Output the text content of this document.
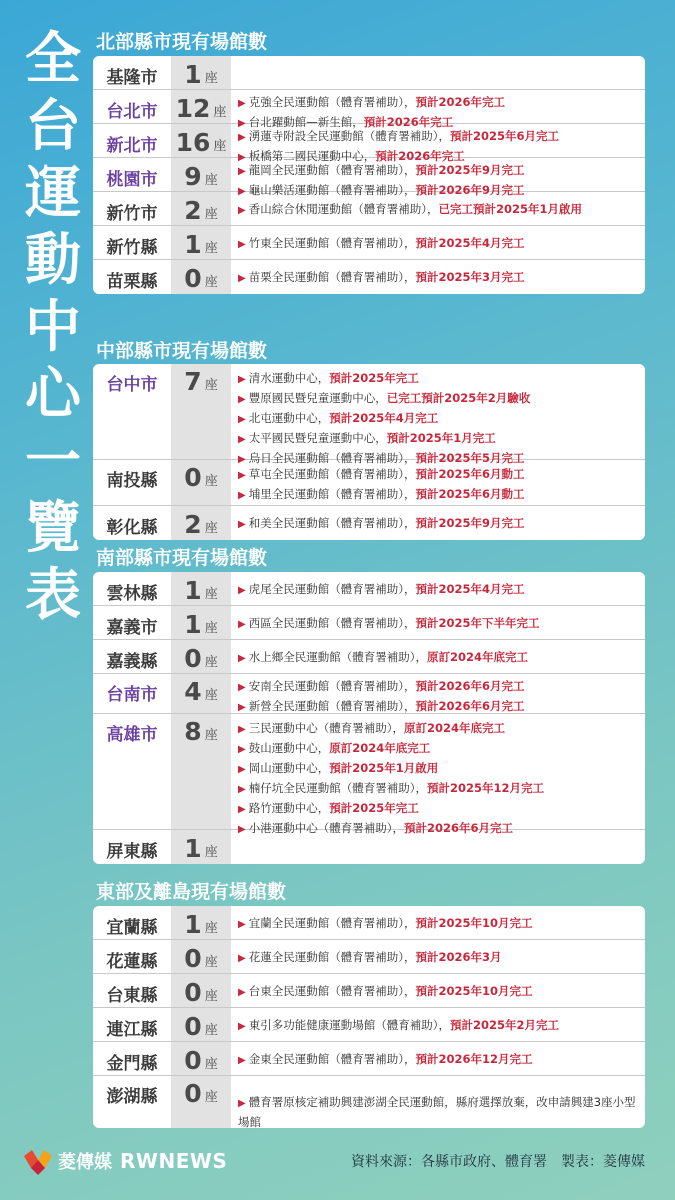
全
台
運
動
中
心
一
覽
表
北部縣市現有場館數
基隆市	1 座
台北市 12 座
▶ 克強全民運動館（體育署補助），預計2026年完工
▶ 台北躍動館—新生館，預計2026年完工
新北市 16 座
▶ 湧蓮寺附設全民運動館（體育署補助），預計2025年6月完工
▶ 板橋第二國民運動中心，預計2026年完工
桃園市	9 座
▶ 龍岡全民運動館（體育署補助），預計2025年9月完工
▶ 龜山樂活運動館（體育署補助），預計2026年9月完工
新竹市	2 座 ▶ 香山綜合休閒運動館（體育署補助），已完工預計2025年1月啟用
新竹縣	1 座 ▶ 竹東全民運動館（體育署補助），預計2025年4月完工
苗栗縣	0 座 ▶ 苗栗全民運動館（體育署補助），預計2025年3月完工
中部縣市現有場館數
台中市	7 座 ▶ 清水運動中心，預計2025年完工
▶ 豐原國民暨兒童運動中心，已完工預計2025年2月驗收
▶ 北屯運動中心，預計2025年4月完工
▶ 太平國民暨兒童運動中心，預計2025年1月完工
▶ 烏日全民運動館（體育署補助），預計2025年5月完工
南投縣	0 座 ▶ 草屯全民運動館（體育署補助），預計2025年6月動工
▶ 埔里全民運動館（體育署補助），預計2025年6月動工
彰化縣	2 座 ▶ 和美全民運動館（體育署補助），預計2025年9月完工
南部縣市現有場館數
雲林縣	1 座 ▶ 虎尾全民運動館（體育署補助），預計2025年4月完工
嘉義市	1 座 ▶ 西區全民運動館（體育署補助），預計2025年下半年完工
嘉義縣	0 座 ▶ 水上鄉全民運動館（體育署補助），原訂2024年底完工
台南市	4 座
▶ 安南全民運動館（體育署補助），預計2026年6月完工
▶ 新營全民運動館（體育署補助），預計2026年6月完工
高雄市	8 座 ▶ 三民運動中心（體育署補助），原訂2024年底完工
▶ 鼓山運動中心，原訂2024年底完工
▶ 岡山運動中心，預計2025年1月啟用
▶ 楠仔坑全民運動館（體育署補助），預計2025年12月完工
▶ 路竹運動中心，預計2025年完工
▶ 小港運動中心（體育署補助），預計2026年6月完工
屏東縣	1 座
東部及離島現有場館數
宜蘭縣	1 座 ▶ 宜蘭全民運動館（體育署補助），預計2025年10月完工
花蓮縣	0 座 ▶ 花蓮全民運動館（體育署補助），預計2026年3月
台東縣	0 座 ▶ 台東全民運動館（體育署補助），預計2025年10月完工
連江縣	0 座 ▶ 東引多功能健康運動場館（體育補助），預計2025年2月完工
金門縣	0 座 ▶ 金東全民運動館（體育署補助），預計2026年12月完工
澎湖縣	0 座 ▶ 體育署原核定補助興建澎湖全民運動館，縣府選擇放棄，改申請興建3座小型場館
菱傳媒 RWNEWS	資料來源：各縣市政府、體育署　製表：菱傳媒
